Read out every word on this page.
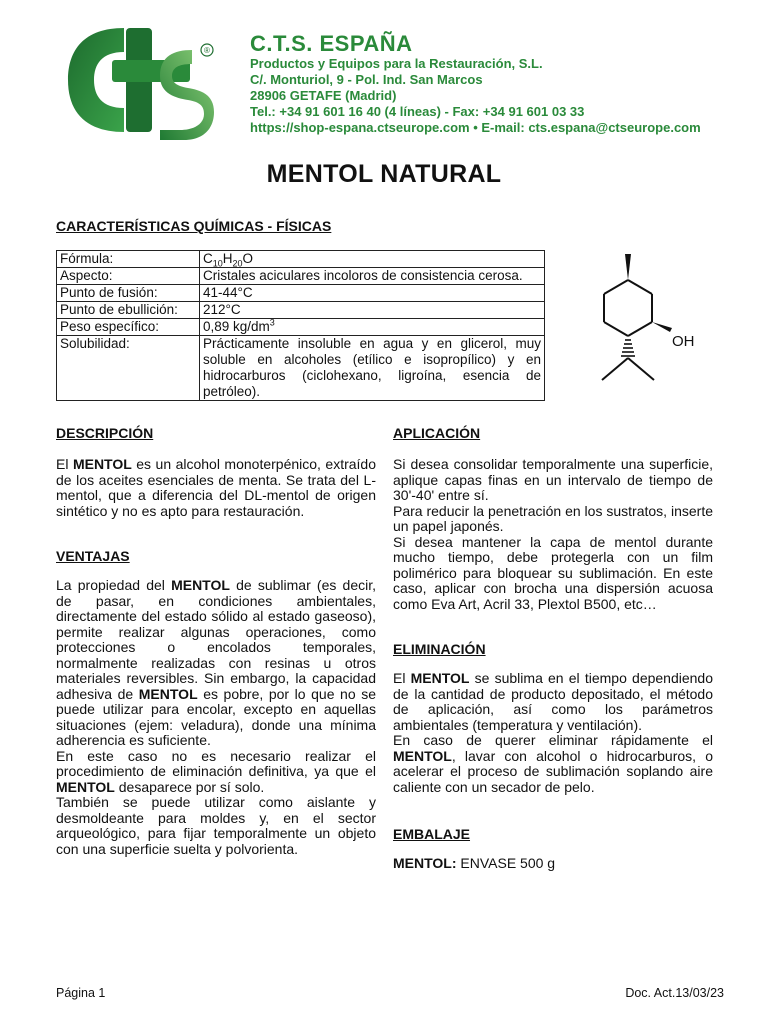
® C.T.S. ESPAÑA
Productos y Equipos para la Restauración, S.L.
C/. Monturiol, 9 - Pol. Ind. San Marcos
28906 GETAFE (Madrid)
Tel.: +34 91 601 16 40 (4 líneas) - Fax: +34 91 601 03 33
https://shop-espana.ctseurope.com • E-mail: cts.espana@ctseurope.com
MENTOL NATURAL
CARACTERÍSTICAS QUÍMICAS - FÍSICAS
Fórmula:	$C_{10}H_{20}O$
Aspecto:	Cristales aciculares incoloros de consistencia cerosa.
Punto de fusión:	41-44°C
Punto de ebullición:	212°C
Peso específico:	0,89 $kg/dm^3$
Solubilidad:	Prácticamente insoluble en agua y en glicerol, muy soluble en alcoholes (etílico e isopropílico) y en hidrocarburos (ciclohexano, ligroína, esencia de petróleo).
OH
DESCRIPCIÓN

El MENTOL es un alcohol monoterpénico, extraído de los aceites esenciales de menta. Se trata del L-mentol, que a diferencia del DL-mentol de origen sintético y no es apto para restauración.

VENTAJAS

La propiedad del MENTOL de sublimar (es decir, de pasar, en condiciones ambientales, directamente del estado sólido al estado gaseoso), permite realizar algunas operaciones, como protecciones o encolados temporales, normalmente realizadas con resinas u otros materiales reversibles. Sin embargo, la capacidad adhesiva de MENTOL es pobre, por lo que no se puede utilizar para encolar, excepto en aquellas situaciones (ejem: veladura), donde una mínima adherencia es suficiente.

En este caso no es necesario realizar el procedimiento de eliminación definitiva, ya que el MENTOL desaparece por sí solo.

También se puede utilizar como aislante y desmoldeante para moldes y, en el sector arqueológico, para fijar temporalmente un objeto con una superficie suelta y polvorienta.

APLICACIÓN

Si desea consolidar temporalmente una superficie, aplique capas finas en un intervalo de tiempo de 30'-40' entre sí.

Para reducir la penetración en los sustratos, inserte un papel japonés.

Si desea mantener la capa de mentol durante mucho tiempo, debe protegerla con un film polimérico para bloquear su sublimación. En este caso, aplicar con brocha una dispersión acuosa como Eva Art, Acril 33, Plextol B500, etc…

ELIMINACIÓN

El MENTOL se sublima en el tiempo dependiendo de la cantidad de producto depositado, el método de aplicación, así como los parámetros ambientales (temperatura y ventilación).

En caso de querer eliminar rápidamente el MENTOL, lavar con alcohol o hidrocarburos, o acelerar el proceso de sublimación soplando aire caliente con un secador de pelo.

EMBALAJE

MENTOL: ENVASE 500 g

Página 1	Doc. Act.13/03/23
